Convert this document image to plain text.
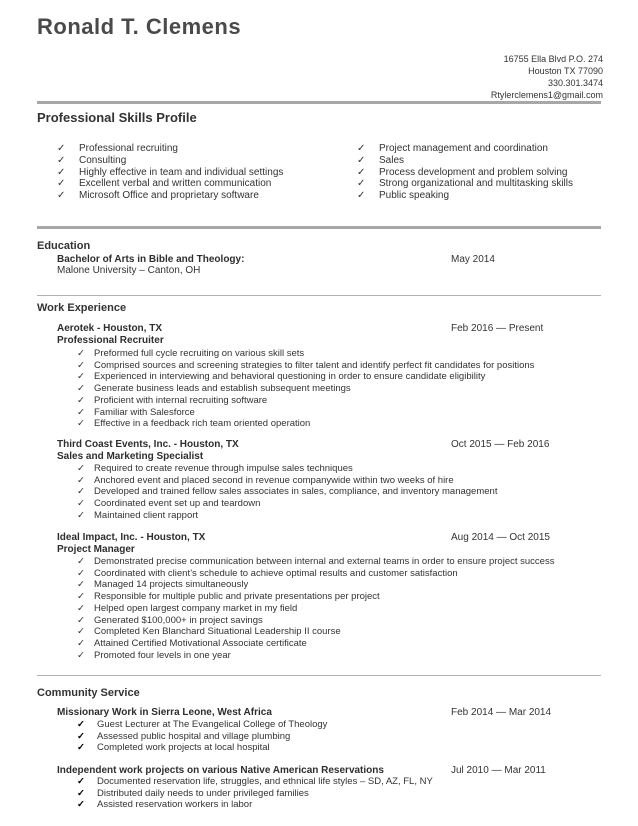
Ronald T. Clemens
16755 Ella Blvd P.O. 274
Houston TX 77090
330.301.3474
Rtylerclemens1@gmail.com
Professional Skills Profile
✓ Professional recruiting
✓ Consulting
✓ Highly effective in team and individual settings
✓ Excellent verbal and written communication
✓ Microsoft Office and proprietary software
✓ Project management and coordination
✓ Sales
✓ Process development and problem solving
✓ Strong organizational and multitasking skills
✓ Public speaking
Education
Bachelor of Arts in Bible and Theology:	May 2014
Malone University – Canton, OH
Work Experience
Aerotek - Houston, TX	Feb 2016 — Present
Professional Recruiter
✓ Preformed full cycle recruiting on various skill sets
✓ Comprised sources and screening strategies to filter talent and identify perfect fit candidates for positions
✓ Experienced in interviewing and behavioral questioning in order to ensure candidate eligibility
✓ Generate business leads and establish subsequent meetings
✓ Proficient with internal recruiting software
✓ Familiar with Salesforce
✓ Effective in a feedback rich team oriented operation
Third Coast Events, Inc. - Houston, TX	Oct 2015 — Feb 2016
Sales and Marketing Specialist
✓ Required to create revenue through impulse sales techniques
✓ Anchored event and placed second in revenue companywide within two weeks of hire
✓ Developed and trained fellow sales associates in sales, compliance, and inventory management
✓ Coordinated event set up and teardown
✓ Maintained client rapport
Ideal Impact, Inc. - Houston, TX	Aug 2014 — Oct 2015
Project Manager
✓ Demonstrated precise communication between internal and external teams in order to ensure project success
✓ Coordinated with client’s schedule to achieve optimal results and customer satisfaction
✓ Managed 14 projects simultaneously
✓ Responsible for multiple public and private presentations per project
✓ Helped open largest company market in my field
✓ Generated $100,000+ in project savings
✓ Completed Ken Blanchard Situational Leadership II course
✓ Attained Certified Motivational Associate certificate
✓ Promoted four levels in one year
Community Service
Missionary Work in Sierra Leone, West Africa	Feb 2014 — Mar 2014
✓ Guest Lecturer at The Evangelical College of Theology
✓ Assessed public hospital and village plumbing
✓ Completed work projects at local hospital
Independent work projects on various Native American Reservations	Jul 2010 — Mar 2011
✓ Documented reservation life, struggles, and ethnical life styles – SD, AZ, FL, NY
✓ Distributed daily needs to under privileged families
✓ Assisted reservation workers in labor
